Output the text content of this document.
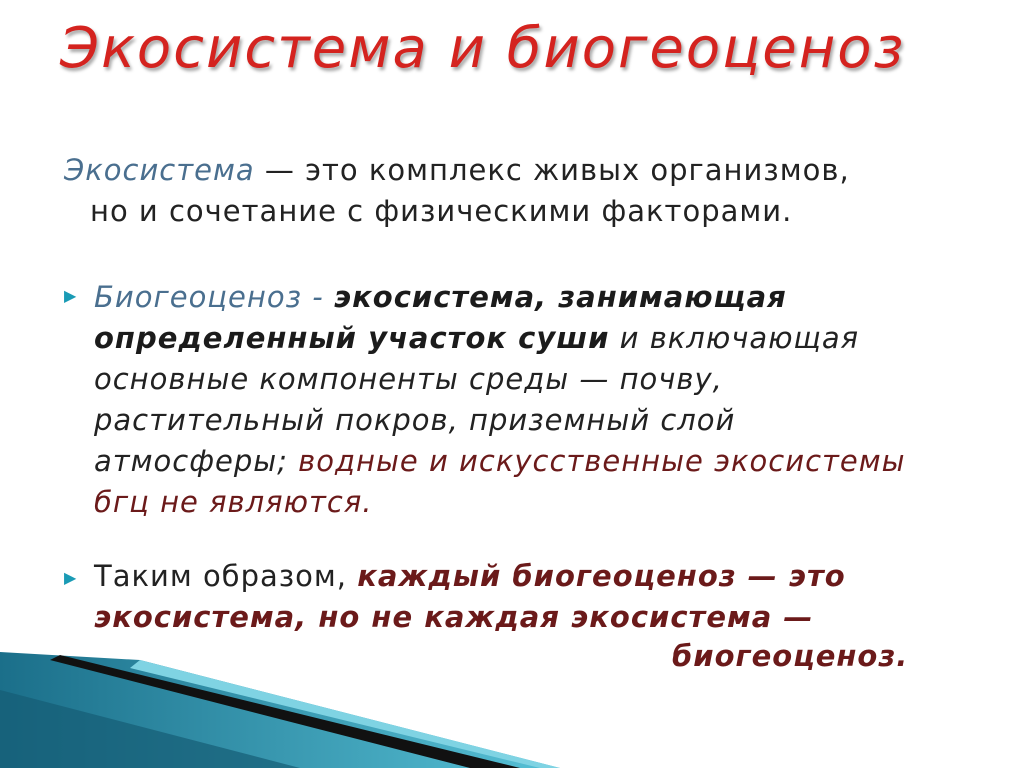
Экосистема и биогеоценоз
Экосистема — это комплекс живых организмов,
но и сочетание с физическими факторами.
▶ Биогеоценоз - экосистема, занимающая
определенный участок суши и включающая
основные компоненты среды — почву, растительный покров, приземный слой атмосферы; водные и искусственные экосистемы бгц не являются.
▶ Таким образом, каждый биогеоценоз — это экосистема, но не каждая экосистема —
биогеоценоз.
